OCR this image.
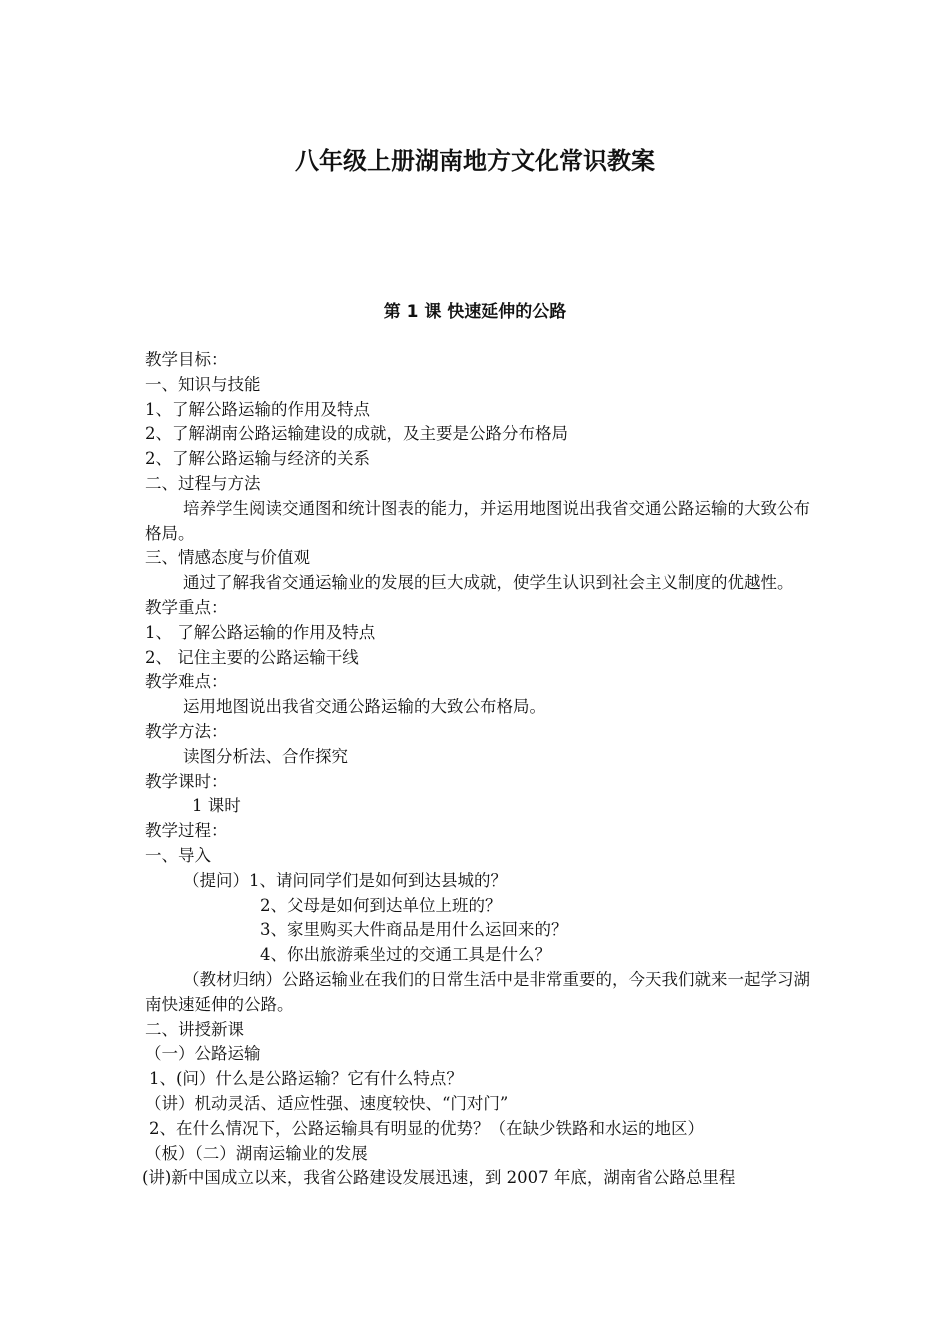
八年级上册湖南地方文化常识教案
第 1 课 快速延伸的公路
教学目标：
一、知识与技能
1、了解公路运输的作用及特点
2、了解湖南公路运输建设的成就，及主要是公路分布格局
2、了解公路运输与经济的关系
二、过程与方法
培养学生阅读交通图和统计图表的能力，并运用地图说出我省交通公路运输的大致公布格局。
三、情感态度与价值观
通过了解我省交通运输业的发展的巨大成就，使学生认识到社会主义制度的优越性。
教学重点：
1、 了解公路运输的作用及特点
2、 记住主要的公路运输干线
教学难点：
运用地图说出我省交通公路运输的大致公布格局。
教学方法：
读图分析法、合作探究
教学课时：
1 课时
教学过程：
一、导入
（提问）1、请问同学们是如何到达县城的？
2、父母是如何到达单位上班的？
3、家里购买大件商品是用什么运回来的？
4、你出旅游乘坐过的交通工具是什么？
（教材归纳）公路运输业在我们的日常生活中是非常重要的，今天我们就来一起学习湖南快速延伸的公路。
二、讲授新课
（一）公路运输
1、(问）什么是公路运输？它有什么特点？
（讲）机动灵活、适应性强、速度较快、“门对门”
2、在什么情况下，公路运输具有明显的优势？（在缺少铁路和水运的地区）
（板）（二）湖南运输业的发展
(讲)新中国成立以来，我省公路建设发展迅速，到 2007 年底，湖南省公路总里程
